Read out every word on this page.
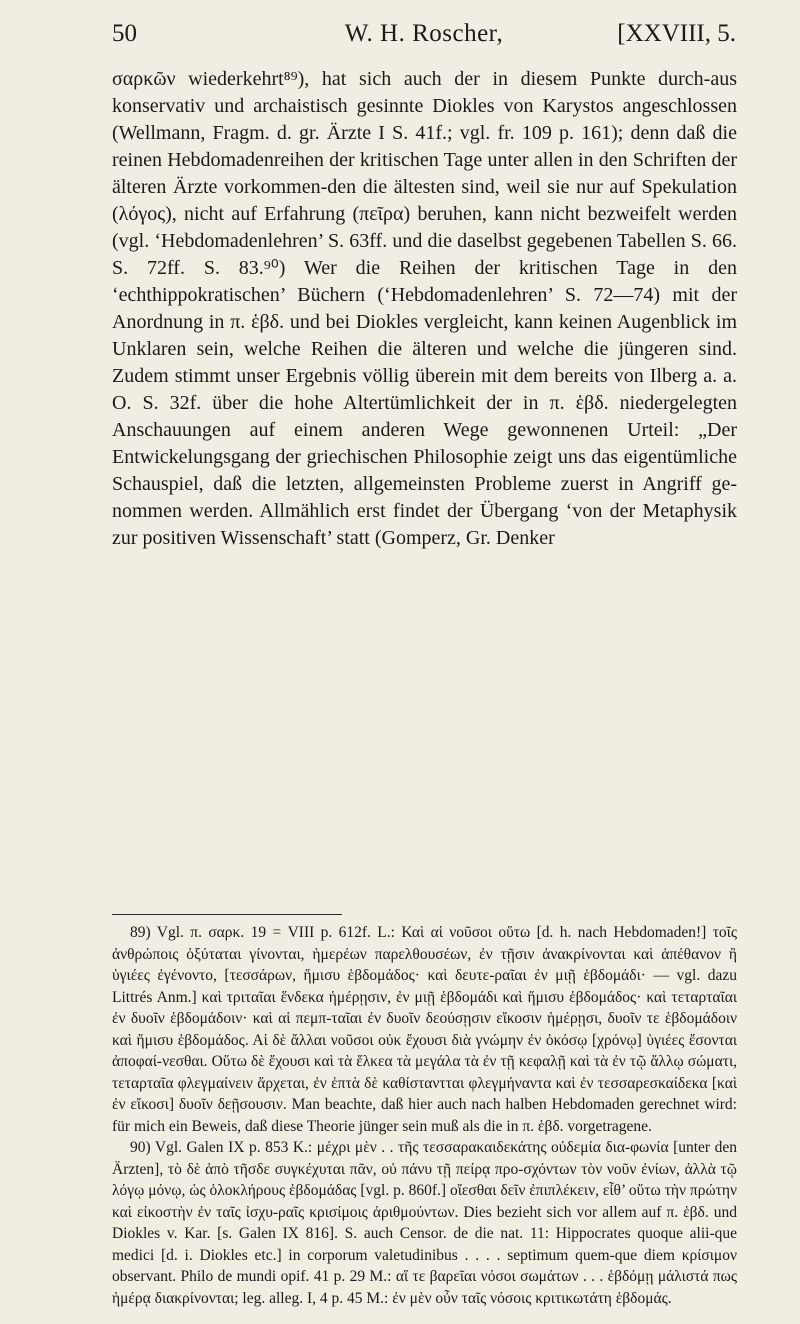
50	W. H. Roscher,	[XXVIII, 5.

σαρκῶν wiederkehrt⁸⁹), hat sich auch der in diesem Punkte durch-aus konservativ und archaistisch gesinnte Diokles von Karystos angeschlossen (Wellmann, Fragm. d. gr. Ärzte I S. 41f.; vgl. fr. 109 p. 161); denn daß die reinen Hebdomadenreihen der kritischen Tage unter allen in den Schriften der älteren Ärzte vorkommen-den die ältesten sind, weil sie nur auf Spekulation (λόγος), nicht auf Erfahrung (πεῖρα) beruhen, kann nicht bezweifelt werden (vgl. ‘Hebdomadenlehren’ S. 63ff. und die daselbst gegebenen Tabellen S. 66. S. 72ff. S. 83.⁹⁰) Wer die Reihen der kritischen Tage in den ‘echthippokratischen’ Büchern (‘Hebdomadenlehren’ S. 72—74) mit der Anordnung in π. ἑβδ. und bei Diokles vergleicht, kann keinen Augenblick im Unklaren sein, welche Reihen die älteren und welche die jüngeren sind. Zudem stimmt unser Ergebnis völlig überein mit dem bereits von Ilberg a. a. O. S. 32f. über die hohe Altertümlichkeit der in π. ἑβδ. niedergelegten Anschauungen auf einem anderen Wege gewonnenen Urteil: „Der Entwickelungsgang der griechischen Philosophie zeigt uns das eigentümliche Schauspiel, daß die letzten, allgemeinsten Probleme zuerst in Angriff ge-nommen werden. Allmählich erst findet der Übergang ‘von der Metaphysik zur positiven Wissenschaft’ statt (Gomperz, Gr. Denker

89) Vgl. π. σαρκ. 19 = VIII p. 612f. L.: Καὶ αἱ νοῦσοι οὕτω [d. h. nach Hebdomaden!] τοῖς ἀνθρώποις ὀξύταται γίνονται, ἡμερέων παρελθουσέων, ἐν τῇσιν ἀνακρίνονται καὶ ἀπέθανον ἢ ὑγιέες ἐγένοντο, [τεσσάρων, ἥμισυ ἑβδομάδος· καὶ δευτε-ραῖαι ἐν μιῇ ἑβδομάδι· — vgl. dazu Littrés Anm.] καὶ τριταῖαι ἕνδεκα ἡμέρῃσιν, ἐν μιῇ ἑβδομάδι καὶ ἥμισυ ἑβδομάδος· καὶ τεταρταῖαι ἐν δυοῖν ἑβδομάδοιν· καὶ αἱ πεμπ-ταῖαι ἐν δυοῖν δεούσῃσιν εἴκοσιν ἡμέρῃσι, δυοῖν τε ἑβδομάδοιν καὶ ἥμισυ ἑβδομάδος. Αἱ δὲ ἄλλαι νοῦσοι οὐκ ἔχουσι διὰ γνώμην ἐν ὁκόσῳ [χρόνῳ] ὑγιέες ἔσονται ἀποφαί-νεσθαι. Οὕτω δὲ ἔχουσι καὶ τὰ ἕλκεα τὰ μεγάλα τὰ ἐν τῇ κεφαλῇ καὶ τὰ ἐν τῷ ἄλλῳ σώματι, τεταρταῖα φλεγμαίνειν ἄρχεται, ἐν ἑπτὰ δὲ καθίσταντται φλεγμήναντα καὶ ἐν τεσσαρεσκαίδεκα [καὶ ἐν εἴκοσι] δυοῖν δεῇσουσιν. Man beachte, daß hier auch nach halben Hebdomaden gerechnet wird: für mich ein Beweis, daß diese Theorie jünger sein muß als die in π. ἑβδ. vorgetragene.

90) Vgl. Galen IX p. 853 K.: μέχρι μὲν . . τῆς τεσσαρακαιδεκάτης οὐδεμία δια-φωνία [unter den Ärzten], τὸ δὲ ἀπὸ τῆσδε συγκέχυται πᾶν, οὐ πάνυ τῇ πείρᾳ προ-σχόντων τὸν νοῦν ἐνίων, ἀλλὰ τῷ λόγῳ μόνῳ, ὡς ὁλοκλήρους ἑβδομάδας [vgl. p. 860f.] οἴεσθαι δεῖν ἐπιπλέκειν, εἶθ’ οὕτω τὴν πρώτην καὶ εἰκοστὴν ἐν ταῖς ἰσχυ-ραῖς κρισίμοις ἀριθμούντων. Dies bezieht sich vor allem auf π. ἑβδ. und Diokles v. Kar. [s. Galen IX 816]. S. auch Censor. de die nat. 11: Hippocrates quoque alii-que medici [d. i. Diokles etc.] in corporum valetudinibus . . . . septimum quem-que diem κρίσιμον observant. Philo de mundi opif. 41 p. 29 M.: αἵ τε βαρεῖαι νόσοι σωμάτων . . . ἑβδόμῃ μάλιστά πως ἡμέρᾳ διακρίνονται; leg. alleg. I, 4 p. 45 M.: ἐν μὲν οὖν ταῖς νόσοις κριτικωτάτη ἑβδομάς.
